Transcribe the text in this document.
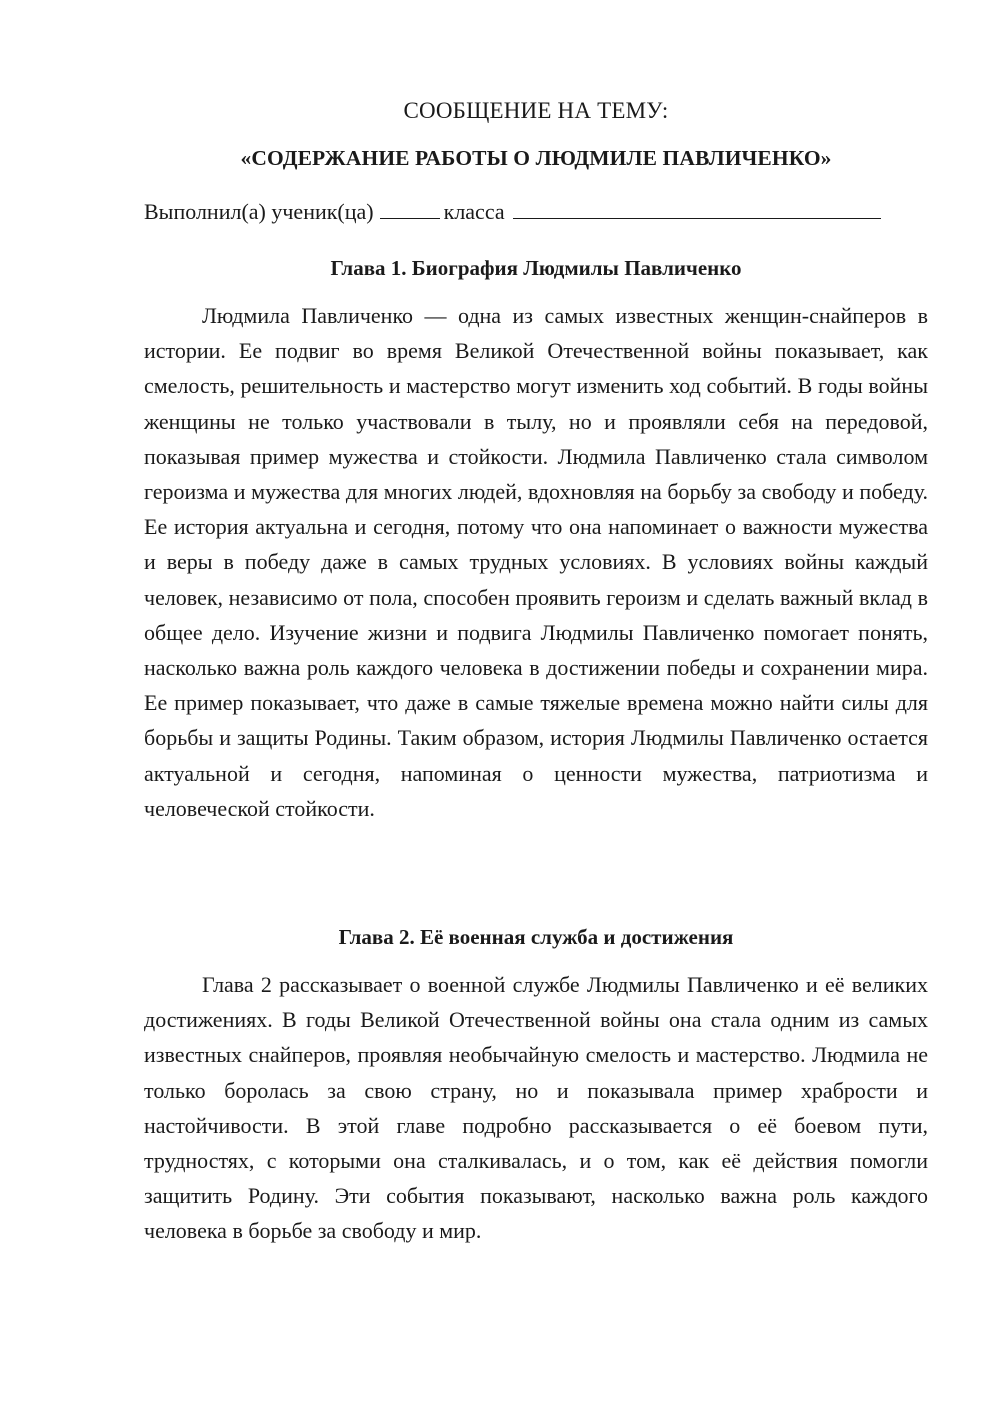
СООБЩЕНИЕ НА ТЕМУ:
«СОДЕРЖАНИЕ РАБОТЫ О ЛЮДМИЛЕ ПАВЛИЧЕНКО»
Выполнил(а) ученик(ца)	класса
Глава 1. Биография Людмилы Павличенко

Людмила Павличенко — одна из самых известных женщин-снайперов в истории. Ее подвиг во время Великой Отечественной войны показывает, как смелость, решительность и мастерство могут изменить ход событий. В годы войны женщины не только участвовали в тылу, но и проявляли себя на передовой, показывая пример мужества и стойкости. Людмила Павличенко стала символом героизма и мужества для многих людей, вдохновляя на борьбу за свободу и победу. Ее история актуальна и сегодня, потому что она напоминает о важности мужества и веры в победу даже в самых трудных условиях. В условиях войны каждый человек, независимо от пола, способен проявить героизм и сделать важный вклад в общее дело. Изучение жизни и подвига Людмилы Павличенко помогает понять, насколько важна роль каждого человека в достижении победы и сохранении мира. Ее пример показывает, что даже в самые тяжелые времена можно найти силы для борьбы и защиты Родины. Таким образом, история Людмилы Павличенко остается актуальной и сегодня, напоминая о ценности мужества, патриотизма и человеческой стойкости.

Глава 2. Её военная служба и достижения

Глава 2 рассказывает о военной службе Людмилы Павличенко и её великих достижениях. В годы Великой Отечественной войны она стала одним из самых известных снайперов, проявляя необычайную смелость и мастерство. Людмила не только боролась за свою страну, но и показывала пример храбрости и настойчивости. В этой главе подробно рассказывается о её боевом пути, трудностях, с которыми она сталкивалась, и о том, как её действия помогли защитить Родину. Эти события показывают, насколько важна роль каждого человека в борьбе за свободу и мир.
